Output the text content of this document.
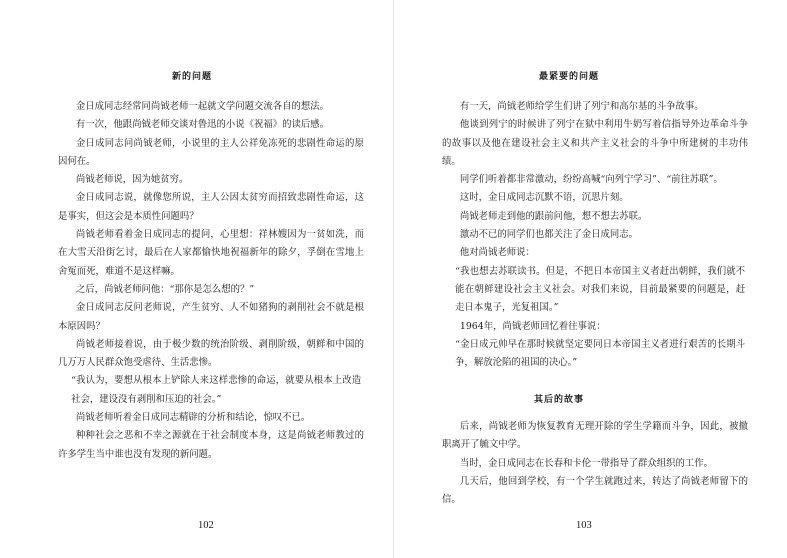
新的问题

金日成同志经常同尚钺老师一起就文学问题交流各自的想法。

有一次，他跟尚钺老师交谈对鲁迅的小说《祝福》的读后感。

金日成同志问尚钺老师，小说里的主人公祥免冻死的悲剧性命运的原因何在。

尚钺老师说，因为她贫穷。

金日成同志说，就像您所说，主人公因太贫穷而招致悲剧性命运，这是事实，但这会是本质性问题吗？

尚钺老师看着金日成同志的提问，心里想：祥林嫂因为一贫如洗，而在大雪天沿街乞讨，最后在人家都愉快地祝福新年的除夕，孚倒在雪地上舍冤而死，难道不是这样嘛。

之后，尚钺老师问他：“那你是怎么想的？”

金日成同志反问老师说，产生贫穷、人不如猪狗的剥削社会不就是根本原因吗？

尚钺老师接着说，由于极少数的统治阶级、剥削阶级，朝鲜和中国的几万万人民群众饱受虐待、生活悲惨。

“我认为，要想从根本上铲除人来这样悲惨的命运，就要从根本上改造社会，建设没有剥削和压迫的社会。”

尚钺老师听着金日成同志精辟的分析和结论，惊叹不已。

种种社会之恶和不幸之源就在于社会制度本身，这是尚钺老师教过的许多学生当中谁也没有发现的新问题。

102
最紧要的问题

有一天，尚钺老师给学生们讲了列宁和高尔基的斗争故事。

他谈到列宁的时候讲了列宁在狱中利用牛奶写着信指导外边革命斗争的故事以及他在建设社会主义和共产主义社会的斗争中所建树的丰功伟绩。

同学们听着都非常激动，纷纷高喊“向列宁学习”、“前往苏联”。

这时，金日成同志沉默不语，沉思片刻。

尚钺老师走到他的跟前问他，想不想去苏联。

激动不已的同学们也都关注了金日成同志。

他对尚钺老师说：

“我也想去苏联读书。但是，不把日本帝国主义者赶出朝鲜，我们就不能在朝鲜建设社会主义社会。对我们来说，目前最紧要的问题是，赶走日本鬼子，光复祖国。”

1964年，尚钺老师回忆着往事说：

“金日成元帅早在那时候就坚定要同日本帝国主义者进行艰苦的长期斗争，解放沦陷的祖国的决心。”

其后的故事

后来，尚钺老师为恢复教育无理开除的学生学籍而斗争，因此，被撤职离开了毓文中学。

当时，金日成同志在长春和卡伦一带指导了群众组织的工作。

几天后，他回到学校，有一个学生就跑过来，转达了尚钺老师留下的信。

103
